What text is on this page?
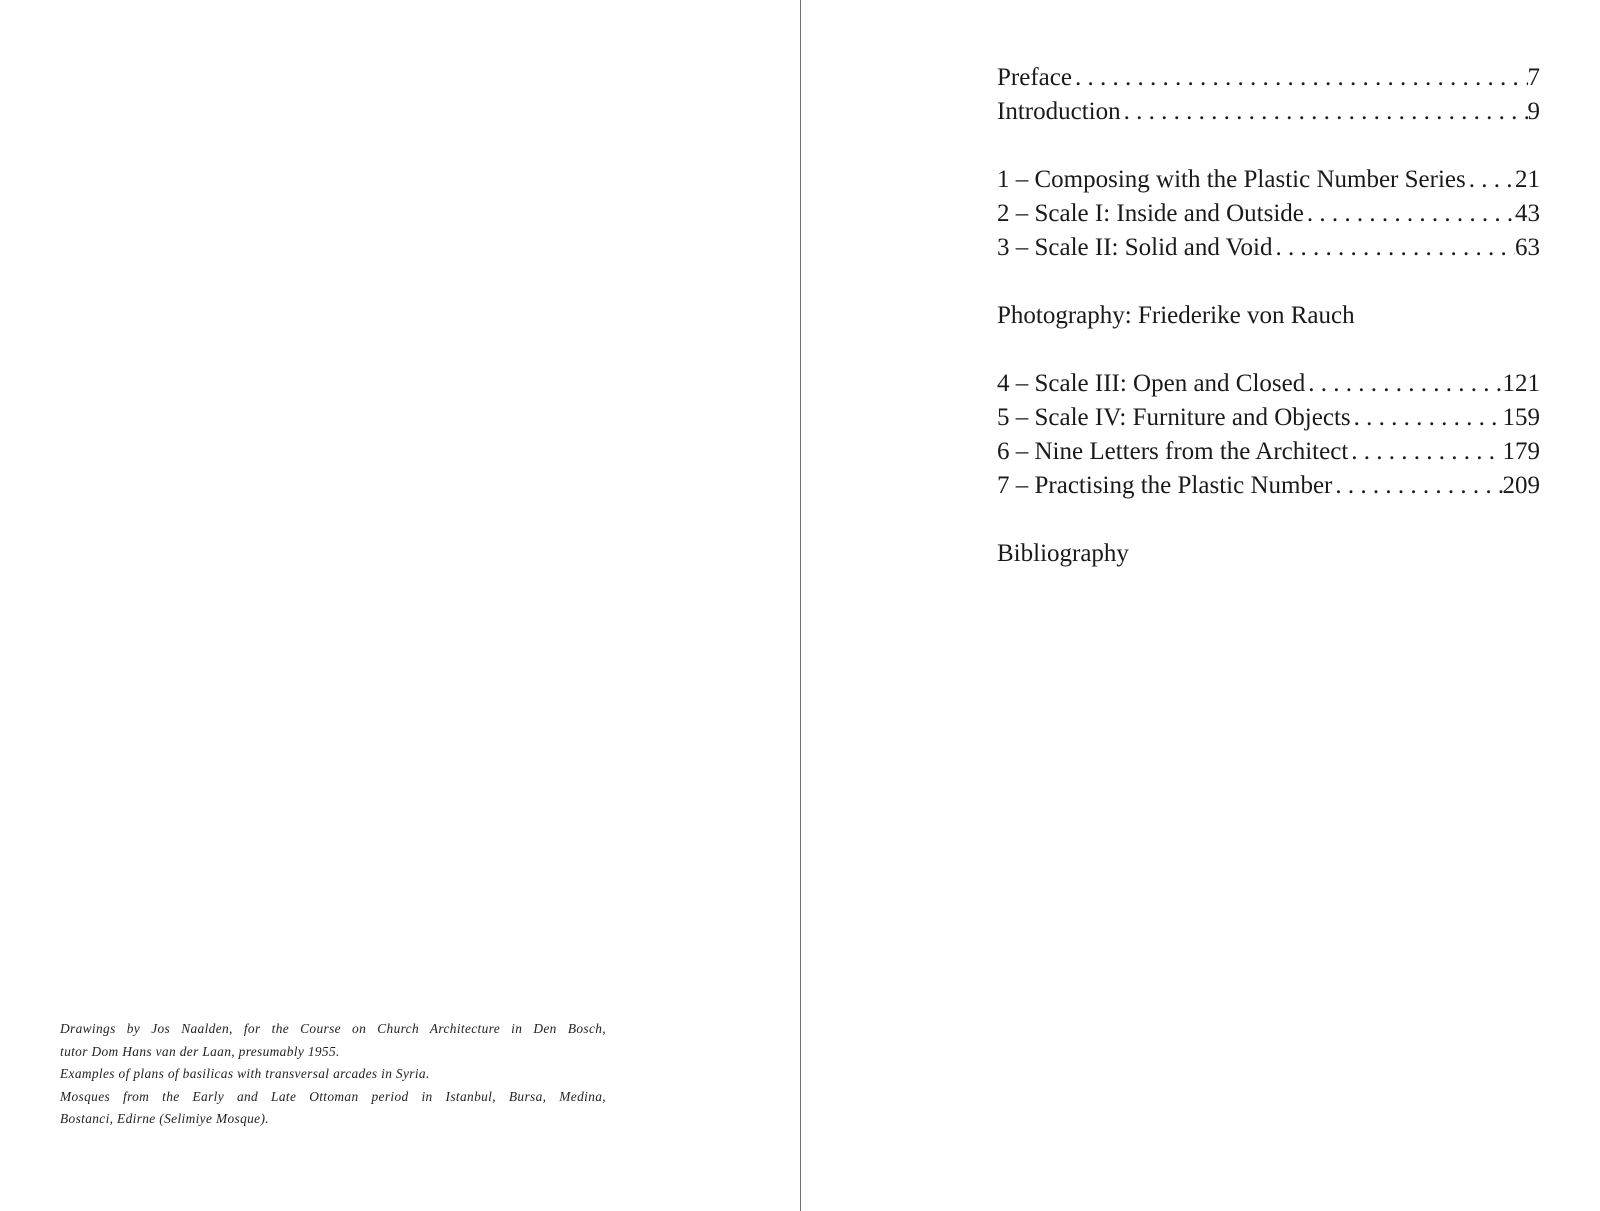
Drawings by Jos Naalden, for the Course on Church Architecture in Den Bosch,
tutor Dom Hans van der Laan, presumably 1955.
Examples of plans of basilicas with transversal arcades in Syria.
Mosques from the Early and Late Ottoman period in Istanbul, Bursa, Medina,
Bostanci, Edirne (Selimiye Mosque).
Preface . . .	7
Introduction . . .	9
1 – Composing with the Plastic Number Series . . . 21
2 – Scale I: Inside and Outside . . .	43
3 – Scale II: Solid and Void . . .	63
Photography: Friederike von Rauch
4 – Scale III: Open and Closed . . .	121
5 – Scale IV: Furniture and Objects . . .	159
6 – Nine Letters from the Architect . . .	179
7 – Practising the Plastic Number . . .	209
Bibliography
